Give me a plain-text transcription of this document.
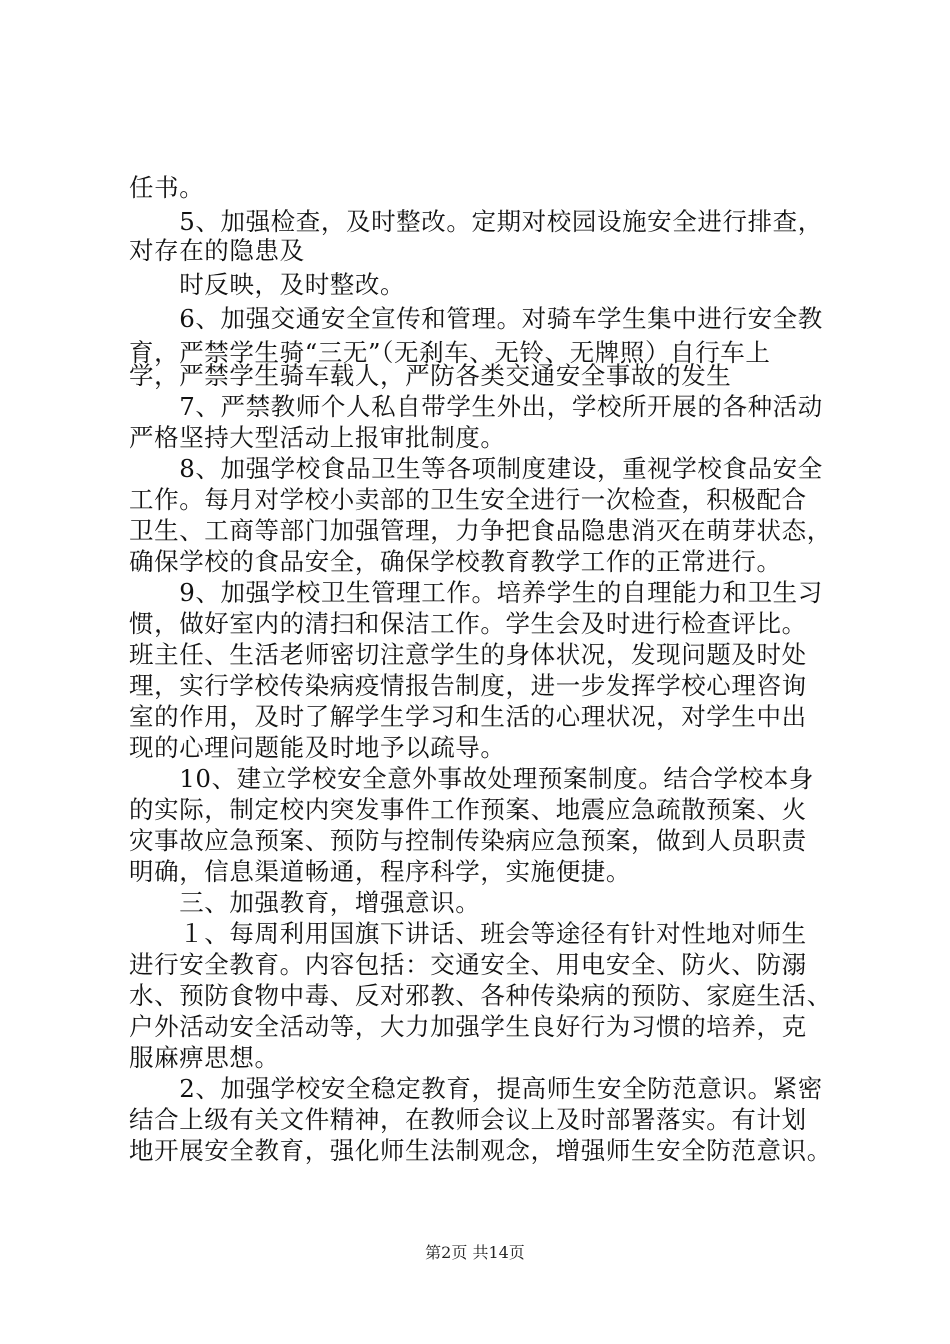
任书。
　　5、加强检查，及时整改。定期对校园设施安全进行排查，
对存在的隐患及
　　时反映，及时整改。
　　6、加强交通安全宣传和管理。对骑车学生集中进行安全教
育，严禁学生骑“三无”（无刹车、无铃、无牌照）自行车上
学，严禁学生骑车载人，严防各类交通安全事故的发生
　　7、严禁教师个人私自带学生外出，学校所开展的各种活动
严格坚持大型活动上报审批制度。
　　8、加强学校食品卫生等各项制度建设，重视学校食品安全
工作。每月对学校小卖部的卫生安全进行一次检查，积极配合
卫生、工商等部门加强管理，力争把食品隐患消灭在萌芽状态，
确保学校的食品安全，确保学校教育教学工作的正常进行。
　　9、加强学校卫生管理工作。培养学生的自理能力和卫生习
惯，做好室内的清扫和保洁工作。学生会及时进行检查评比。
班主任、生活老师密切注意学生的身体状况，发现问题及时处
理，实行学校传染病疫情报告制度，进一步发挥学校心理咨询
室的作用，及时了解学生学习和生活的心理状况，对学生中出
现的心理问题能及时地予以疏导。
　　10、建立学校安全意外事故处理预案制度。结合学校本身
的实际，制定校内突发事件工作预案、地震应急疏散预案、火
灾事故应急预案、预防与控制传染病应急预案，做到人员职责
明确，信息渠道畅通，程序科学，实施便捷。
　　三、加强教育，增强意识。
　　１、每周利用国旗下讲话、班会等途径有针对性地对师生
进行安全教育。内容包括：交通安全、用电安全、防火、防溺
水、预防食物中毒、反对邪教、各种传染病的预防、家庭生活、
户外活动安全活动等，大力加强学生良好行为习惯的培养，克
服麻痹思想。
　　2、加强学校安全稳定教育，提高师生安全防范意识。紧密
结合上级有关文件精神，在教师会议上及时部署落实。有计划
地开展安全教育，强化师生法制观念，增强师生安全防范意识。
第2页 共14页
